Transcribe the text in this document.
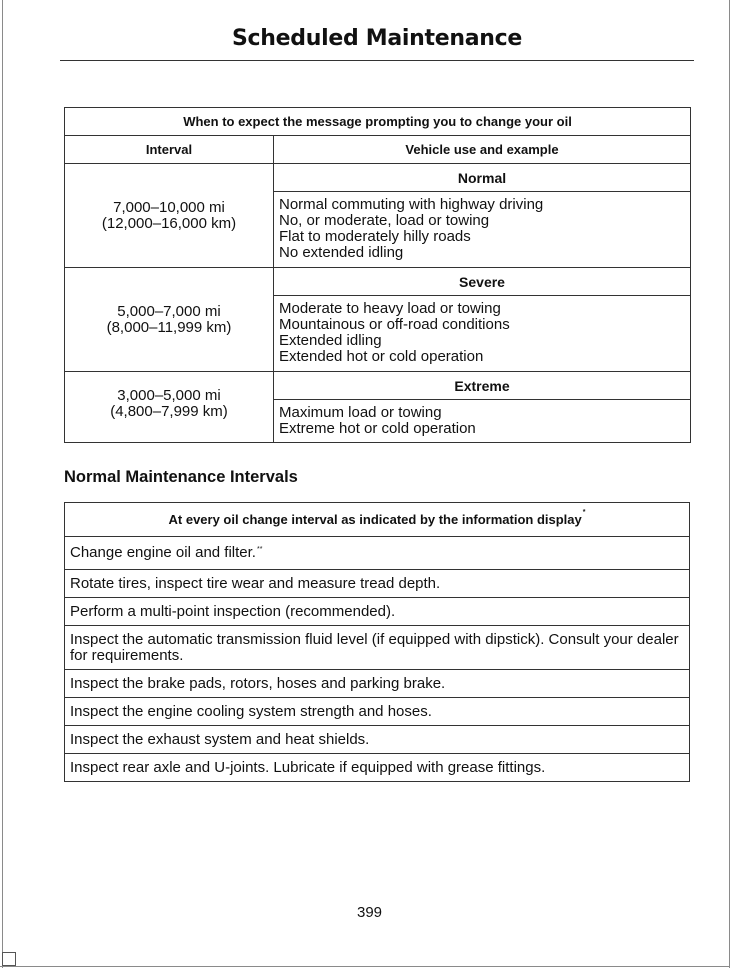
Scheduled Maintenance
When to expect the message prompting you to change your oil	
Interval	Vehicle use and example

7,000–10,000 mi
(12,000–16,000 km)	Normal

	Normal commuting with highway driving
No, or moderate, load or towing
Flat to moderately hilly roads
No extended idling

5,000–7,000 mi
(8,000–11,999 km)	Severe

	Moderate to heavy load or towing
Mountainous or off-road conditions
Extended idling
Extended hot or cold operation

3,000–5,000 mi
(4,800–7,999 km)	Extreme

	Maximum load or towing
Extreme hot or cold operation
Normal Maintenance Intervals
At every oil change interval as indicated by the information display*
Change engine oil and filter.**
Rotate tires, inspect tire wear and measure tread depth.
Perform a multi-point inspection (recommended).
Inspect the automatic transmission fluid level (if equipped with dipstick). Consult your dealer for requirements.
Inspect the brake pads, rotors, hoses and parking brake.
Inspect the engine cooling system strength and hoses.
Inspect the exhaust system and heat shields.
Inspect rear axle and U-joints. Lubricate if equipped with grease fittings.
399
